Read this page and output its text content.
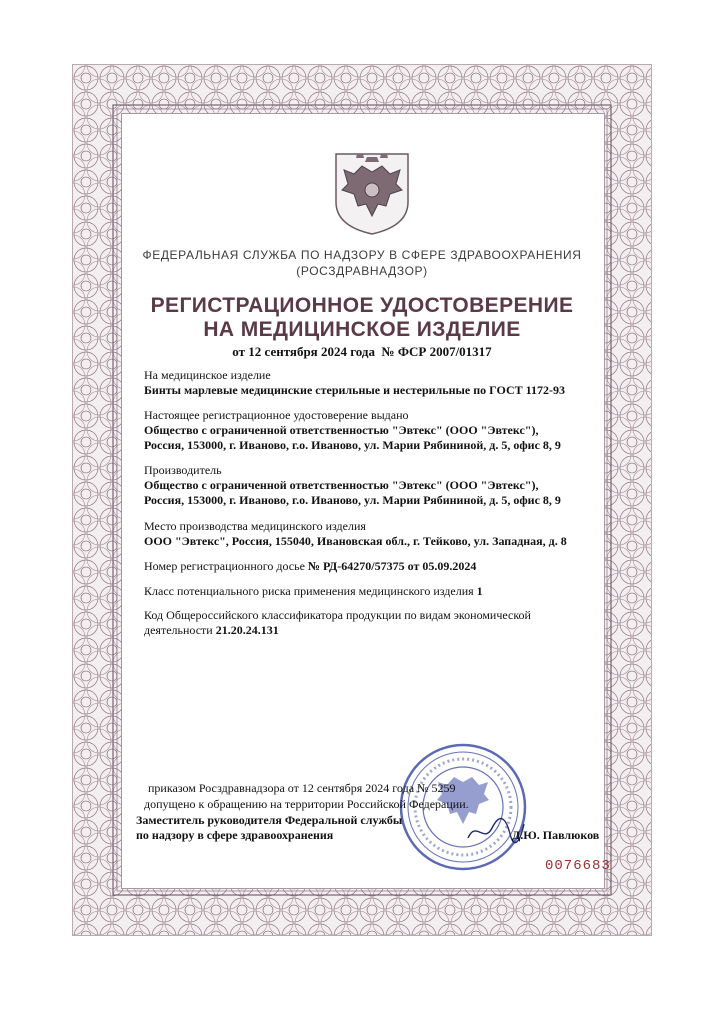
ФЕДЕРАЛЬНАЯ СЛУЖБА ПО НАДЗОРУ В СФЕРЕ ЗДРАВООХРАНЕНИЯ
(РОСЗДРАВНАДЗОР)
РЕГИСТРАЦИОННОЕ УДОСТОВЕРЕНИЕ
НА МЕДИЦИНСКОЕ ИЗДЕЛИЕ
от 12 сентября 2024 года № ФСР 2007/01317
На медицинское изделие
Бинты марлевые медицинские стерильные и нестерильные по ГОСТ 1172-93
Настоящее регистрационное удостоверение выдано
Общество с ограниченной ответственностью "Эвтекс" (ООО "Эвтекс"),
Россия, 153000, г. Иваново, г.о. Иваново, ул. Марии Рябининой, д. 5, офис 8, 9
Производитель
Общество с ограниченной ответственностью "Эвтекс" (ООО "Эвтекс"),
Россия, 153000, г. Иваново, г.о. Иваново, ул. Марии Рябининой, д. 5, офис 8, 9
Место производства медицинского изделия
ООО "Эвтекс", Россия, 155040, Ивановская обл., г. Тейково, ул. Западная, д. 8
Номер регистрационного досье № РД-64270/57375 от 05.09.2024
Класс потенциального риска применения медицинского изделия 1
Код Общероссийского классификатора продукции по видам экономической
деятельности 21.20.24.131
приказом Росздравнадзора от 12 сентября 2024 года № 5259
допущено к обращению на территории Российской Федерации.
Заместитель руководителя Федеральной службы
по надзору в сфере здравоохранения	Д.Ю. Павлюков
0076683
